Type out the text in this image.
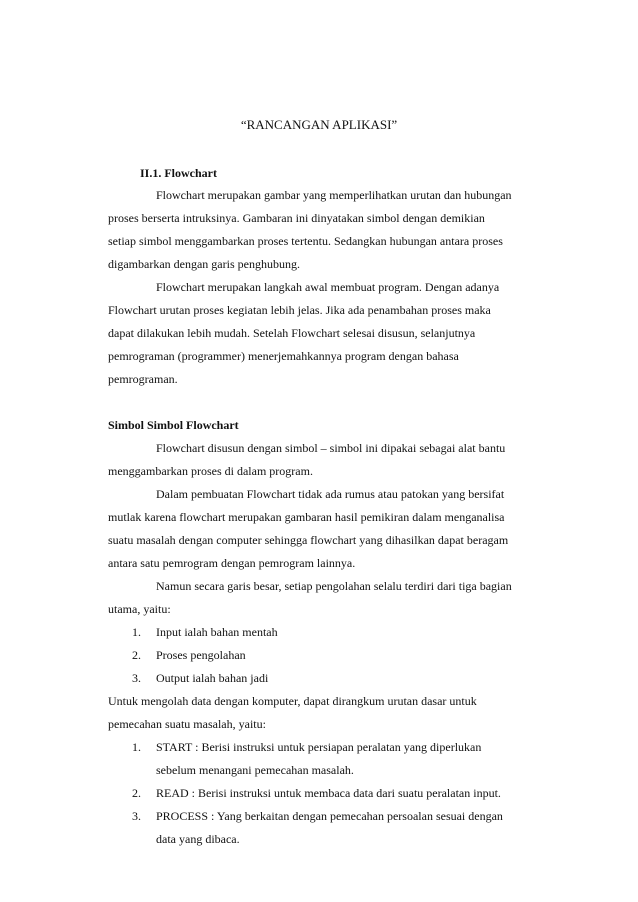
“RANCANGAN APLIKASI”
II.1. Flowchart
Flowchart merupakan gambar yang memperlihatkan urutan dan hubungan
proses berserta intruksinya. Gambaran ini dinyatakan simbol dengan demikian
setiap simbol menggambarkan proses tertentu. Sedangkan hubungan antara proses
digambarkan dengan garis penghubung.
Flowchart merupakan langkah awal membuat program. Dengan adanya
Flowchart urutan proses kegiatan lebih jelas. Jika ada penambahan proses maka
dapat dilakukan lebih mudah. Setelah Flowchart selesai disusun, selanjutnya
pemrograman (programmer) menerjemahkannya program dengan bahasa
pemrograman.
Simbol Simbol Flowchart
Flowchart disusun dengan simbol – simbol ini dipakai sebagai alat bantu
menggambarkan proses di dalam program.
Dalam pembuatan Flowchart tidak ada rumus atau patokan yang bersifat
mutlak karena flowchart merupakan gambaran hasil pemikiran dalam menganalisa
suatu masalah dengan computer sehingga flowchart yang dihasilkan dapat beragam
antara satu pemrogram dengan pemrogram lainnya.
Namun secara garis besar, setiap pengolahan selalu terdiri dari tiga bagian
utama, yaitu:
1. Input ialah bahan mentah
2. Proses pengolahan
3. Output ialah bahan jadi
Untuk mengolah data dengan komputer, dapat dirangkum urutan dasar untuk
pemecahan suatu masalah, yaitu:
1. START : Berisi instruksi untuk persiapan peralatan yang diperlukan
sebelum menangani pemecahan masalah.
2. READ : Berisi instruksi untuk membaca data dari suatu peralatan input.
3. PROCESS : Yang berkaitan dengan pemecahan persoalan sesuai dengan
data yang dibaca.
